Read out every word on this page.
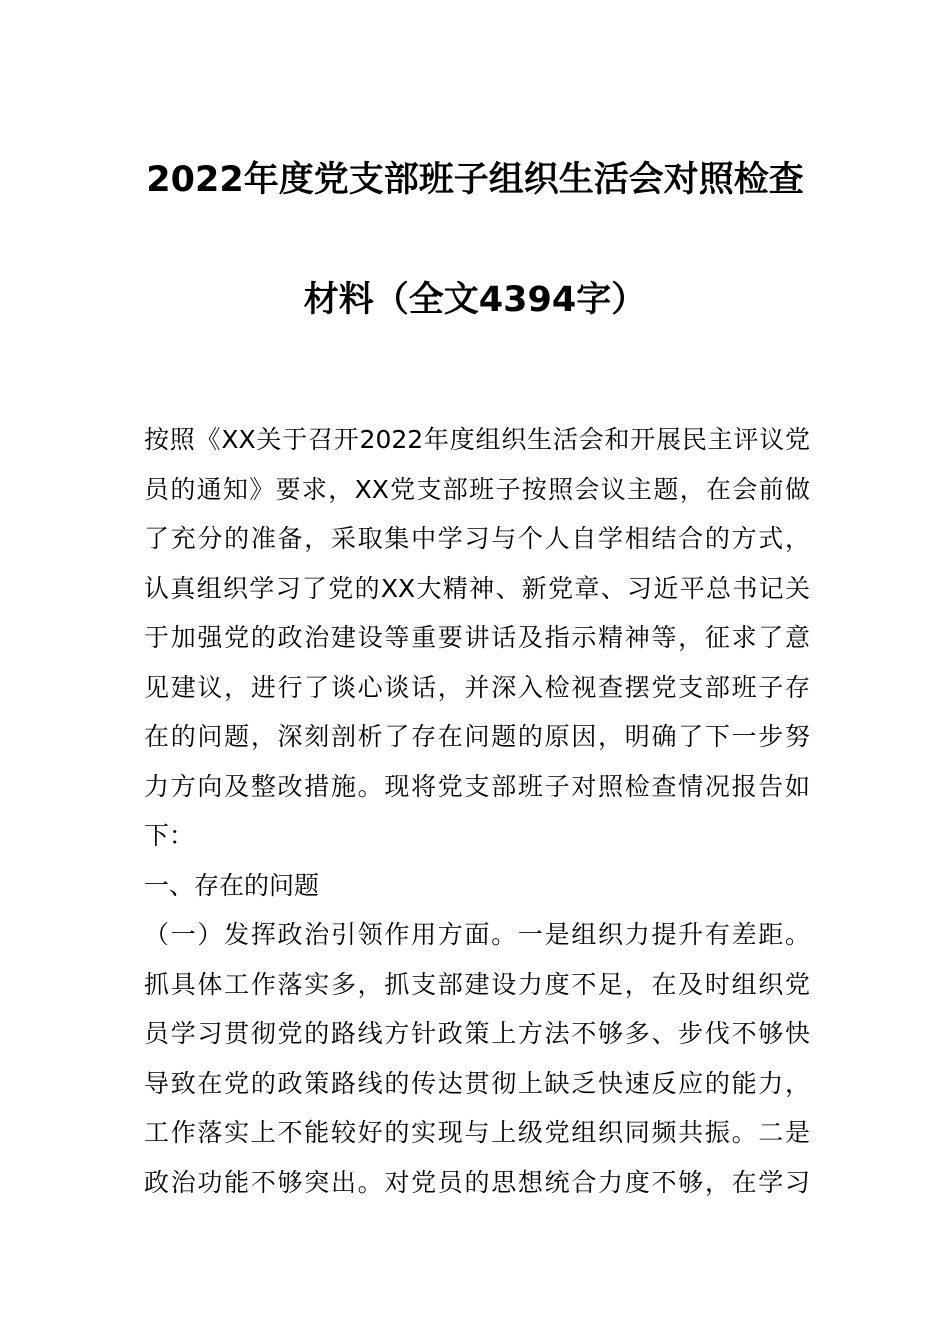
2022年度党支部班子组织生活会对照检查
材料（全文4394字）
按照《XX关于召开2022年度组织生活会和开展民主评议党
员的通知》要求，XX党支部班子按照会议主题，在会前做
了充分的准备，采取集中学习与个人自学相结合的方式，
认真组织学习了党的XX大精神、新党章、习近平总书记关
于加强党的政治建设等重要讲话及指示精神等，征求了意
见建议，进行了谈心谈话，并深入检视查摆党支部班子存
在的问题，深刻剖析了存在问题的原因，明确了下一步努
力方向及整改措施。现将党支部班子对照检查情况报告如
下：
一、存在的问题
（一）发挥政治引领作用方面。一是组织力提升有差距。
抓具体工作落实多，抓支部建设力度不足，在及时组织党
员学习贯彻党的路线方针政策上方法不够多、步伐不够快
导致在党的政策路线的传达贯彻上缺乏快速反应的能力，
工作落实上不能较好的实现与上级党组织同频共振。二是
政治功能不够突出。对党员的思想统合力度不够，在学习
